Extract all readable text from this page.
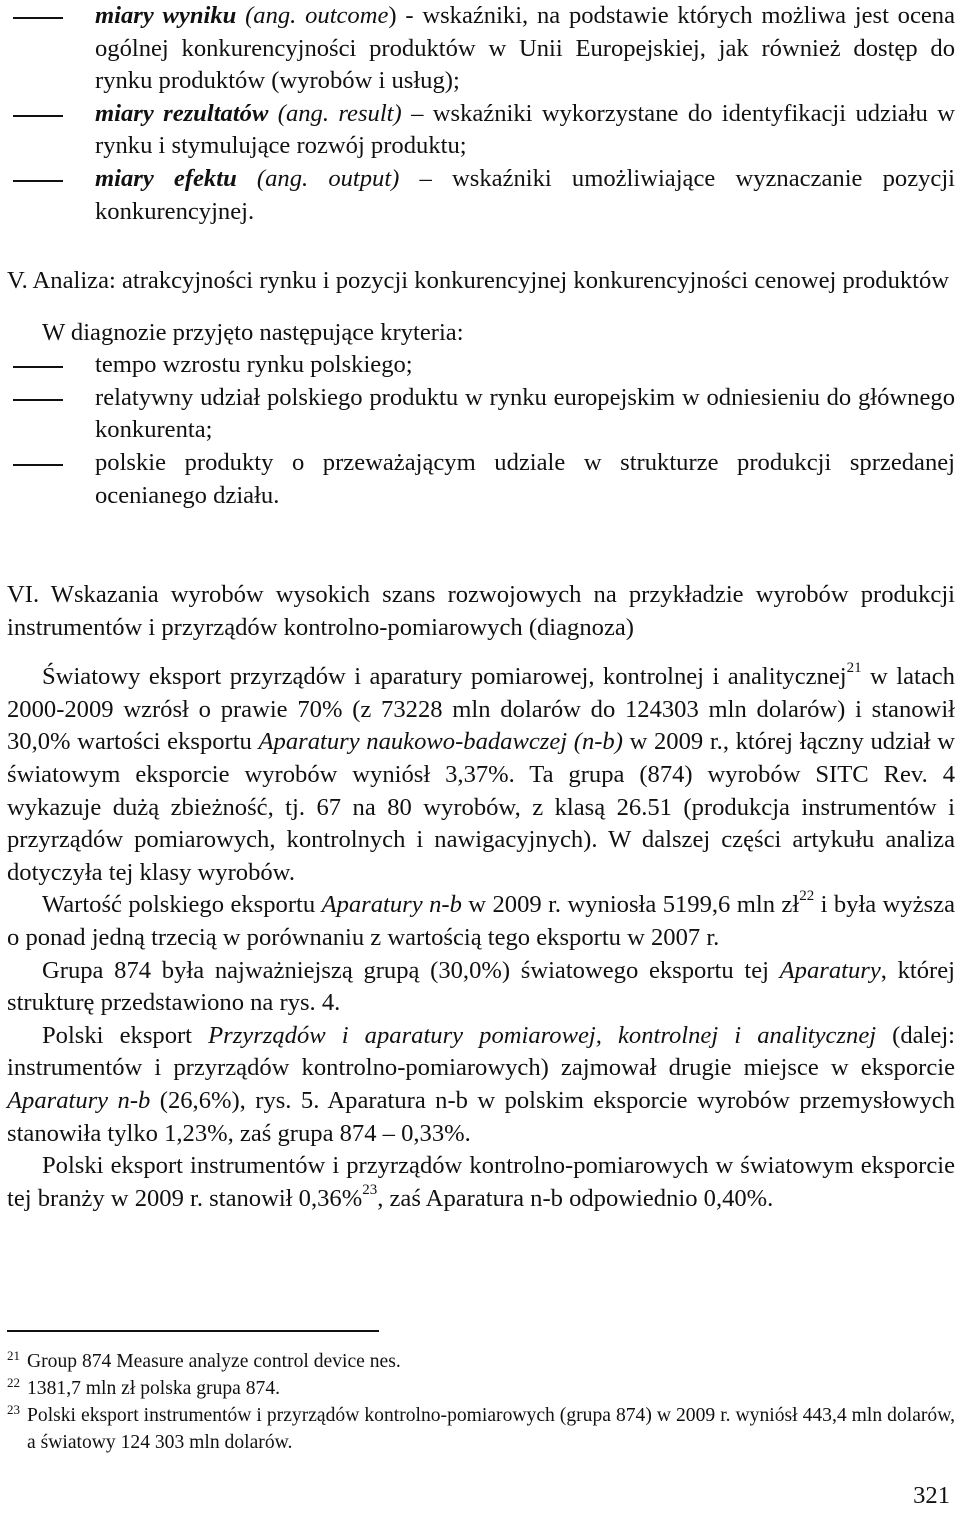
miary wyniku (ang. outcome) - wskaźniki, na podstawie których możliwa jest ocena ogólnej konkurencyjności produktów w Unii Europejskiej, jak również dostęp do rynku produktów (wyrobów i usług);

miary rezultatów (ang. result) – wskaźniki wykorzystane do identyfikacji udziału w rynku i stymulujące rozwój produktu;

miary efektu (ang. output) – wskaźniki umożliwiające wyznaczanie pozycji konkurencyjnej.

V. Analiza: atrakcyjności rynku i pozycji konkurencyjnej konkurencyjności cenowej produktów

W diagnozie przyjęto następujące kryteria:

tempo wzrostu rynku polskiego;

relatywny udział polskiego produktu w rynku europejskim w odniesieniu do głównego konkurenta;

polskie produkty o przeważającym udziale w strukturze produkcji sprzedanej ocenianego działu.

VI. Wskazania wyrobów wysokich szans rozwojowych na przykładzie wyrobów produkcji instrumentów i przyrządów kontrolno-pomiarowych (diagnoza)

Światowy eksport przyrządów i aparatury pomiarowej, kontrolnej i analitycznej$^{21}$ w latach 2000-2009 wzrósł o prawie 70% (z 73228 mln dolarów do 124303 mln dolarów) i stanowił 30,0% wartości eksportu Aparatury naukowo-badawczej (n-b) w 2009 r., której łączny udział w światowym eksporcie wyrobów wyniósł 3,37%. Ta grupa (874) wyrobów SITC Rev. 4 wykazuje dużą zbieżność, tj. 67 na 80 wyrobów, z klasą 26.51 (produkcja instrumentów i przyrządów pomiarowych, kontrolnych i nawigacyjnych). W dalszej części artykułu analiza dotyczyła tej klasy wyrobów.

Wartość polskiego eksportu Aparatury n-b w 2009 r. wyniosła 5199,6 mln $zł^{22}$ i była wyższa o ponad jedną trzecią w porównaniu z wartością tego eksportu w 2007 r.

Grupa 874 była najważniejszą grupą (30,0%) światowego eksportu tej Aparatury, której strukturę przedstawiono na rys. 4.

Polski eksport Przyrządów i aparatury pomiarowej, kontrolnej i analitycznej (dalej: instrumentów i przyrządów kontrolno-pomiarowych) zajmował drugie miejsce w eksporcie Aparatury n-b (26,6%), rys. 5. Aparatura n-b w polskim eksporcie wyrobów przemysłowych stanowiła tylko 1,23%, zaś grupa 874 – 0,33%.

Polski eksport instrumentów i przyrządów kontrolno-pomiarowych w światowym eksporcie tej branży w 2009 r. stanowił 0,36%$^{23}$, zaś Aparatura n-b odpowiednio 0,40%.

21 Group 874 Measure analyze control device nes.

22 1381,7 mln zł polska grupa 874.

23 Polski eksport instrumentów i przyrządów kontrolno-pomiarowych (grupa 874) w 2009 r. wyniósł 443,4 mln dolarów, a światowy 124 303 mln dolarów.

321
